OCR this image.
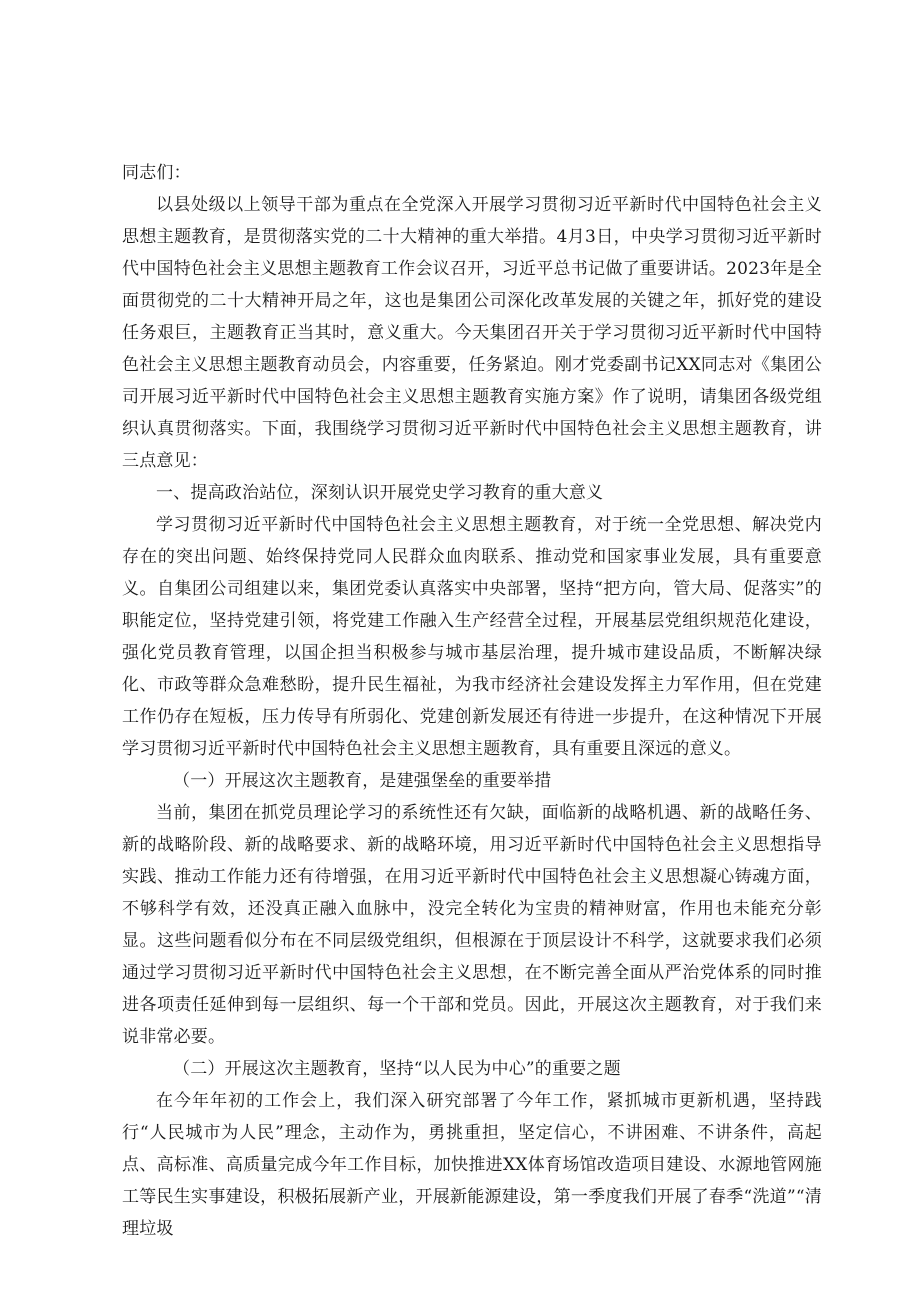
同志们：

以县处级以上领导干部为重点在全党深入开展学习贯彻习近平新时代中国特色社会主义思想主题教育，是贯彻落实党的二十大精神的重大举措。4月3日，中央学习贯彻习近平新时代中国特色社会主义思想主题教育工作会议召开，习近平总书记做了重要讲话。2023年是全面贯彻党的二十大精神开局之年，这也是集团公司深化改革发展的关键之年，抓好党的建设任务艰巨，主题教育正当其时，意义重大。今天集团召开关于学习贯彻习近平新时代中国特色社会主义思想主题教育动员会，内容重要，任务紧迫。刚才党委副书记XX同志对《集团公司开展习近平新时代中国特色社会主义思想主题教育实施方案》作了说明，请集团各级党组织认真贯彻落实。下面，我围绕学习贯彻习近平新时代中国特色社会主义思想主题教育，讲三点意见：

一、提高政治站位，深刻认识开展党史学习教育的重大意义

学习贯彻习近平新时代中国特色社会主义思想主题教育，对于统一全党思想、解决党内存在的突出问题、始终保持党同人民群众血肉联系、推动党和国家事业发展，具有重要意义。自集团公司组建以来，集团党委认真落实中央部署，坚持“把方向，管大局、促落实”的职能定位，坚持党建引领，将党建工作融入生产经营全过程，开展基层党组织规范化建设，强化党员教育管理，以国企担当积极参与城市基层治理，提升城市建设品质，不断解决绿化、市政等群众急难愁盼，提升民生福祉，为我市经济社会建设发挥主力军作用，但在党建工作仍存在短板，压力传导有所弱化、党建创新发展还有待进一步提升，在这种情况下开展学习贯彻习近平新时代中国特色社会主义思想主题教育，具有重要且深远的意义。

（一）开展这次主题教育，是建强堡垒的重要举措

当前，集团在抓党员理论学习的系统性还有欠缺，面临新的战略机遇、新的战略任务、新的战略阶段、新的战略要求、新的战略环境，用习近平新时代中国特色社会主义思想指导实践、推动工作能力还有待增强，在用习近平新时代中国特色社会主义思想凝心铸魂方面，不够科学有效，还没真正融入血脉中，没完全转化为宝贵的精神财富，作用也未能充分彰显。这些问题看似分布在不同层级党组织，但根源在于顶层设计不科学，这就要求我们必须通过学习贯彻习近平新时代中国特色社会主义思想，在不断完善全面从严治党体系的同时推进各项责任延伸到每一层组织、每一个干部和党员。因此，开展这次主题教育，对于我们来说非常必要。

（二）开展这次主题教育，坚持“以人民为中心”的重要之题

在今年年初的工作会上，我们深入研究部署了今年工作，紧抓城市更新机遇，坚持践行“人民城市为人民”理念，主动作为，勇挑重担，坚定信心，不讲困难、不讲条件，高起点、高标准、高质量完成今年工作目标，加快推进XX体育场馆改造项目建设、水源地管网施工等民生实事建设，积极拓展新产业，开展新能源建设，第一季度我们开展了春季“洗道”“清理垃圾
